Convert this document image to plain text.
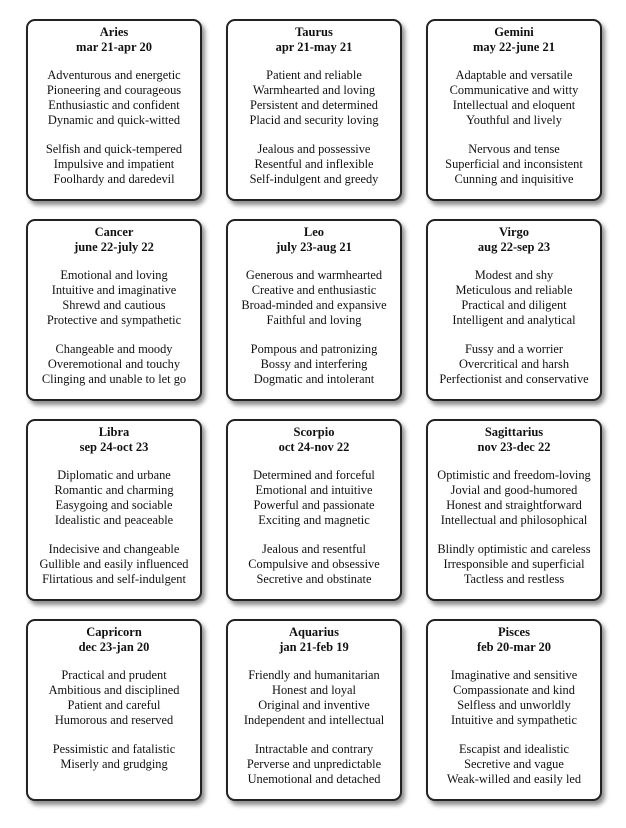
Aries
mar 21-apr 20
Adventurous and energetic
Pioneering and courageous
Enthusiastic and confident
Dynamic and quick-witted
Selfish and quick-tempered
Impulsive and impatient
Foolhardy and daredevil
Taurus
apr 21-may 21
Patient and reliable
Warmhearted and loving
Persistent and determined
Placid and security loving
Jealous and possessive
Resentful and inflexible
Self-indulgent and greedy
Gemini
may 22-june 21
Adaptable and versatile
Communicative and witty
Intellectual and eloquent
Youthful and lively
Nervous and tense
Superficial and inconsistent
Cunning and inquisitive
Cancer
june 22-july 22
Emotional and loving
Intuitive and imaginative
Shrewd and cautious
Protective and sympathetic
Changeable and moody
Overemotional and touchy
Clinging and unable to let go
Leo
july 23-aug 21
Generous and warmhearted
Creative and enthusiastic
Broad-minded and expansive
Faithful and loving
Pompous and patronizing
Bossy and interfering
Dogmatic and intolerant
Virgo
aug 22-sep 23
Modest and shy
Meticulous and reliable
Practical and diligent
Intelligent and analytical
Fussy and a worrier
Overcritical and harsh
Perfectionist and conservative
Libra
sep 24-oct 23
Diplomatic and urbane
Romantic and charming
Easygoing and sociable
Idealistic and peaceable
Indecisive and changeable
Gullible and easily influenced
Flirtatious and self-indulgent
Scorpio
oct 24-nov 22
Determined and forceful
Emotional and intuitive
Powerful and passionate
Exciting and magnetic
Jealous and resentful
Compulsive and obsessive
Secretive and obstinate
Sagittarius
nov 23-dec 22
Optimistic and freedom-loving
Jovial and good-humored
Honest and straightforward
Intellectual and philosophical
Blindly optimistic and careless
Irresponsible and superficial
Tactless and restless
Capricorn
dec 23-jan 20
Practical and prudent
Ambitious and disciplined
Patient and careful
Humorous and reserved
Pessimistic and fatalistic
Miserly and grudging
Aquarius
jan 21-feb 19
Friendly and humanitarian
Honest and loyal
Original and inventive
Independent and intellectual
Intractable and contrary
Perverse and unpredictable
Unemotional and detached
Pisces
feb 20-mar 20
Imaginative and sensitive
Compassionate and kind
Selfless and unworldly
Intuitive and sympathetic
Escapist and idealistic
Secretive and vague
Weak-willed and easily led
